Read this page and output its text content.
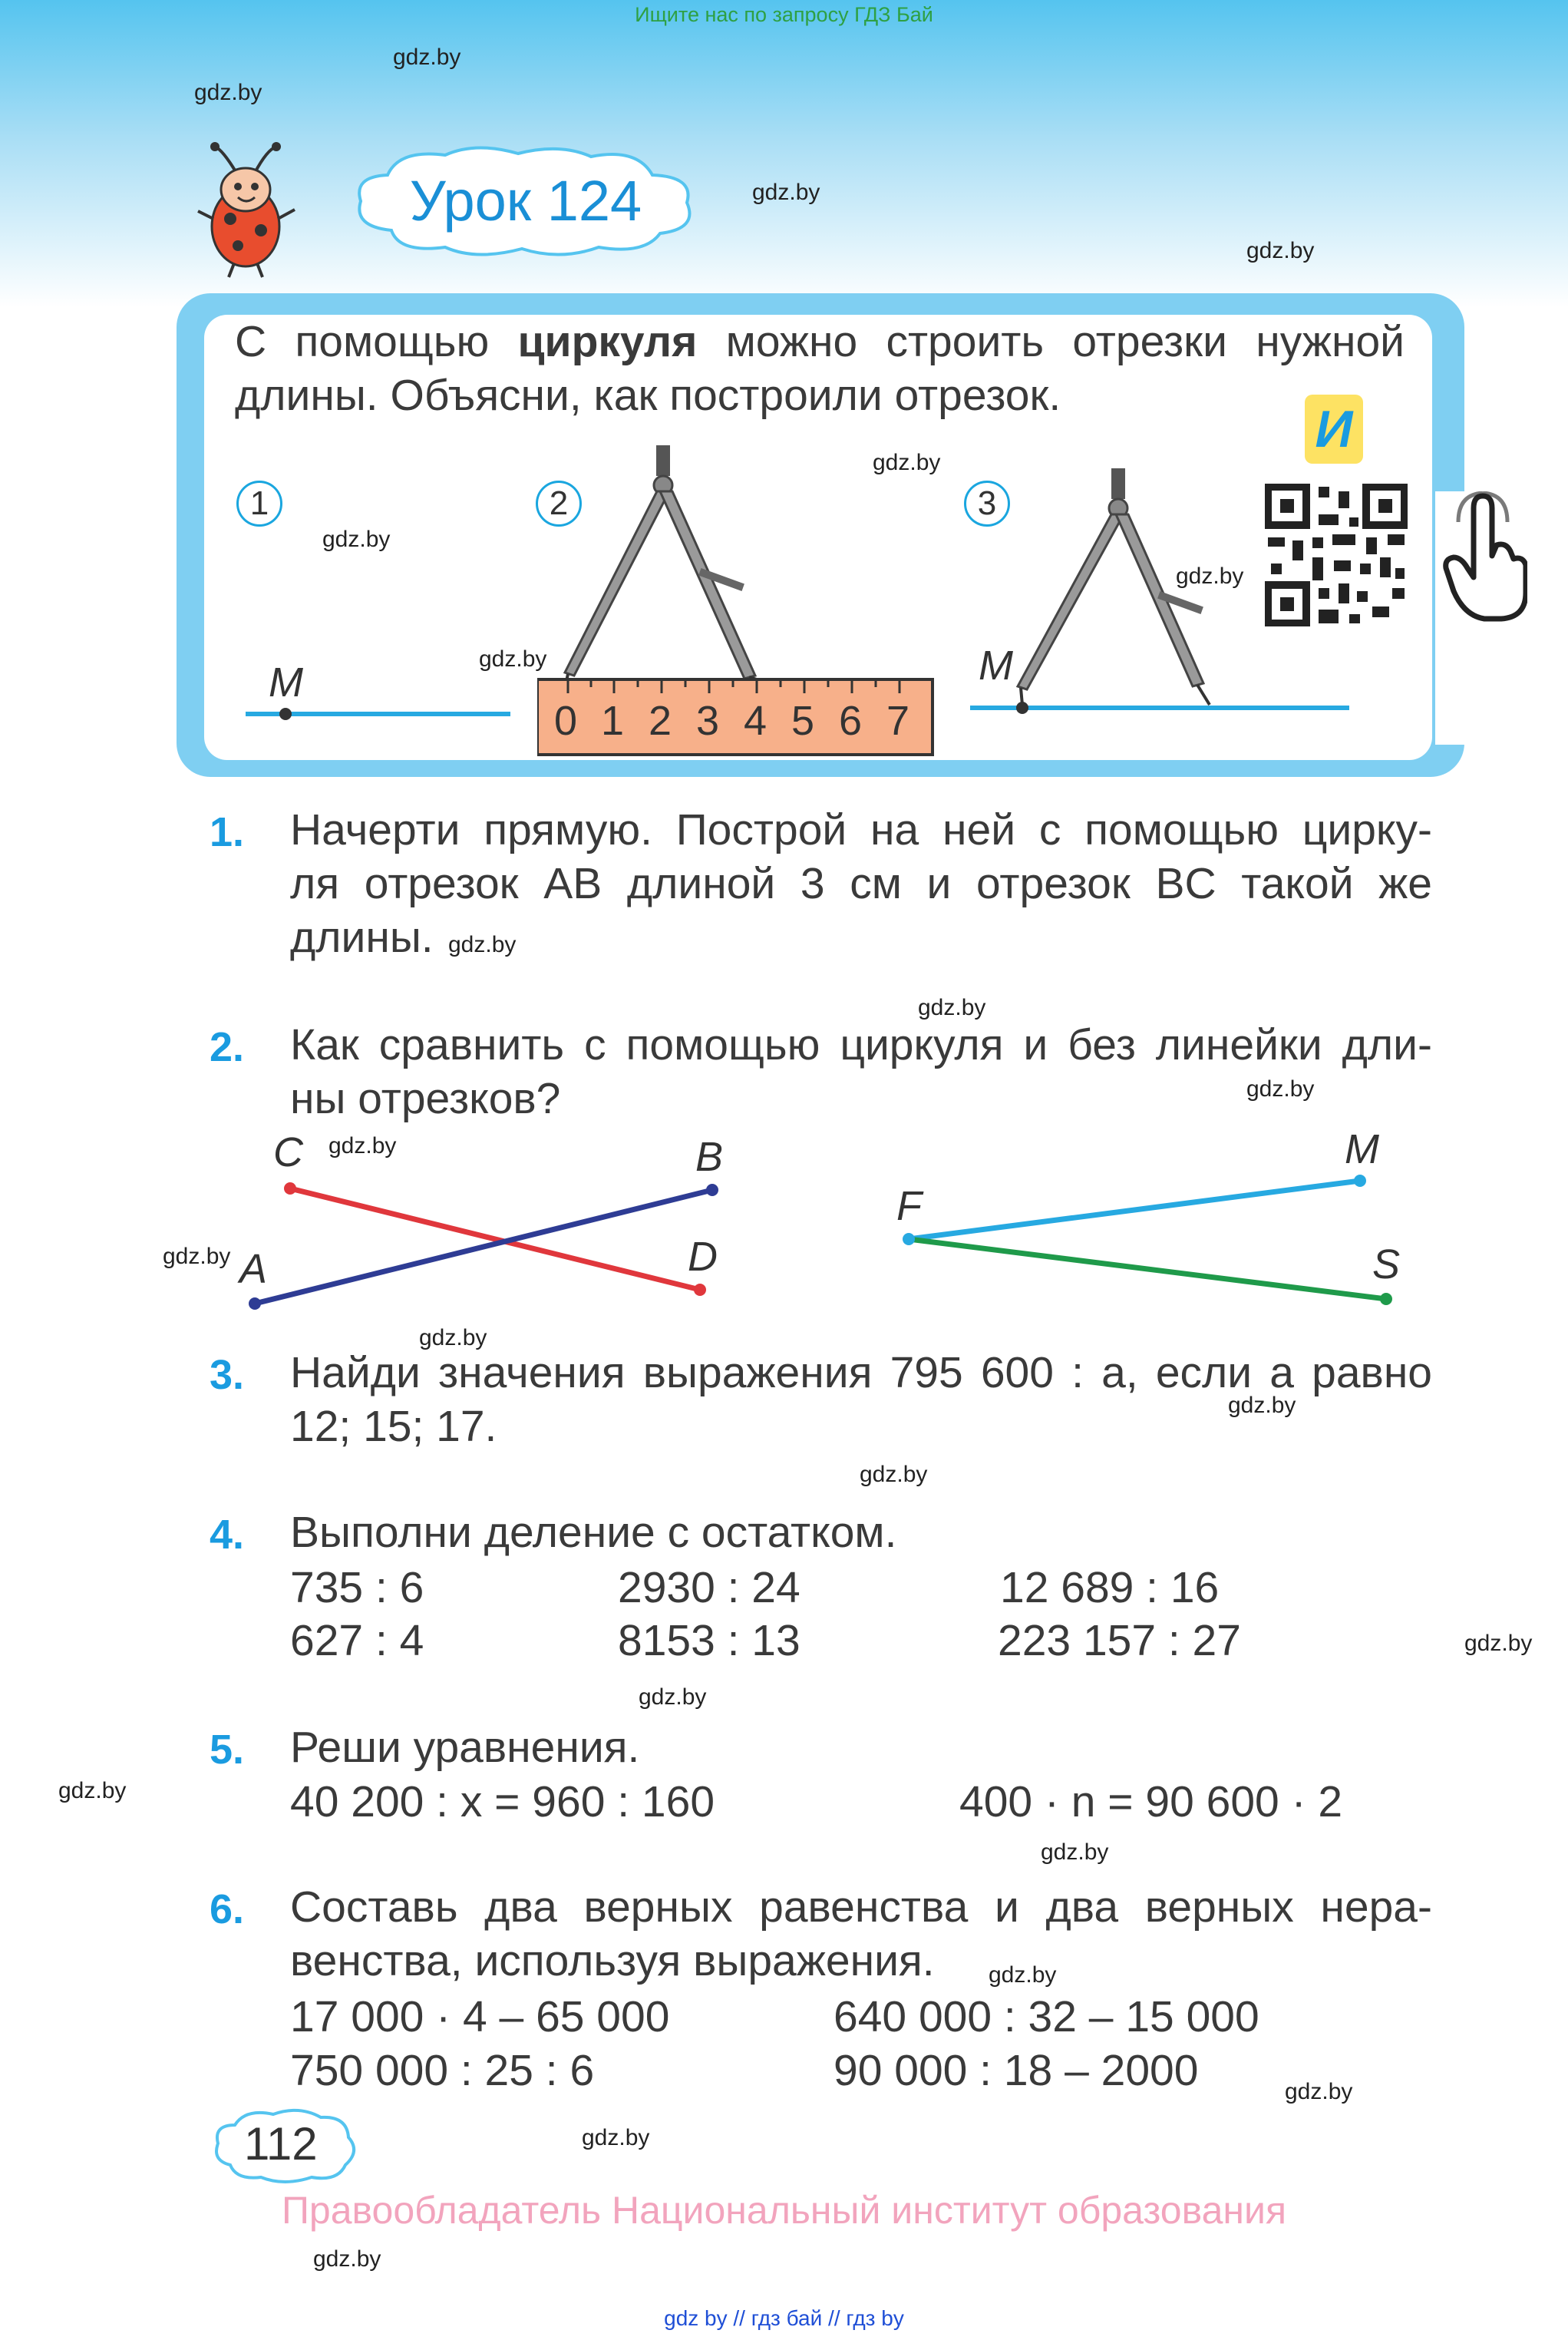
Ищите нас по запросу ГДЗ Бай
Урок 124
С помощью циркуля можно строить отрезки нужной
длины. Объясни, как построили отрезок.
1	2	3
M
0 1 2 3 4 5 6 7
M
И
1. Начерти прямую. Построй на ней с помощью цирку-
ля отрезок AB длиной 3 см и отрезок BC такой же
длины.
2. Как сравнить с помощью циркуля и без линейки дли-
ны отрезков?
C	B
A	D
F
M
S
3. Найди значения выражения 795 600 : a, если a равно
12; 15; 17.
4. Выполни деление с остатком.
735 : 6	2930 : 24	12 689 : 16
627 : 4	8153 : 13	223 157 : 27
5. Реши уравнения.
40 200 : x = 960 : 160	400 · n = 90 600 · 2
6. Составь два верных равенства и два верных нера-
венства, используя выражения.
17 000 · 4 – 65 000	640 000 : 32 – 15 000
750 000 : 25 : 6	90 000 : 18 – 2000
112
Правообладатель Национальный институт образования
gdz by // гдз бай // гдз by
gdz.by
gdz.by
gdz.by
gdz.by
gdz.by
gdz.by
gdz.by
gdz.by
gdz.by
gdz.by
gdz.by
gdz.by
gdz.by
gdz.by
gdz.by
gdz.by
gdz.by
gdz.by
gdz.by
gdz.by
gdz.by
gdz.by
gdz.by
gdz.by
